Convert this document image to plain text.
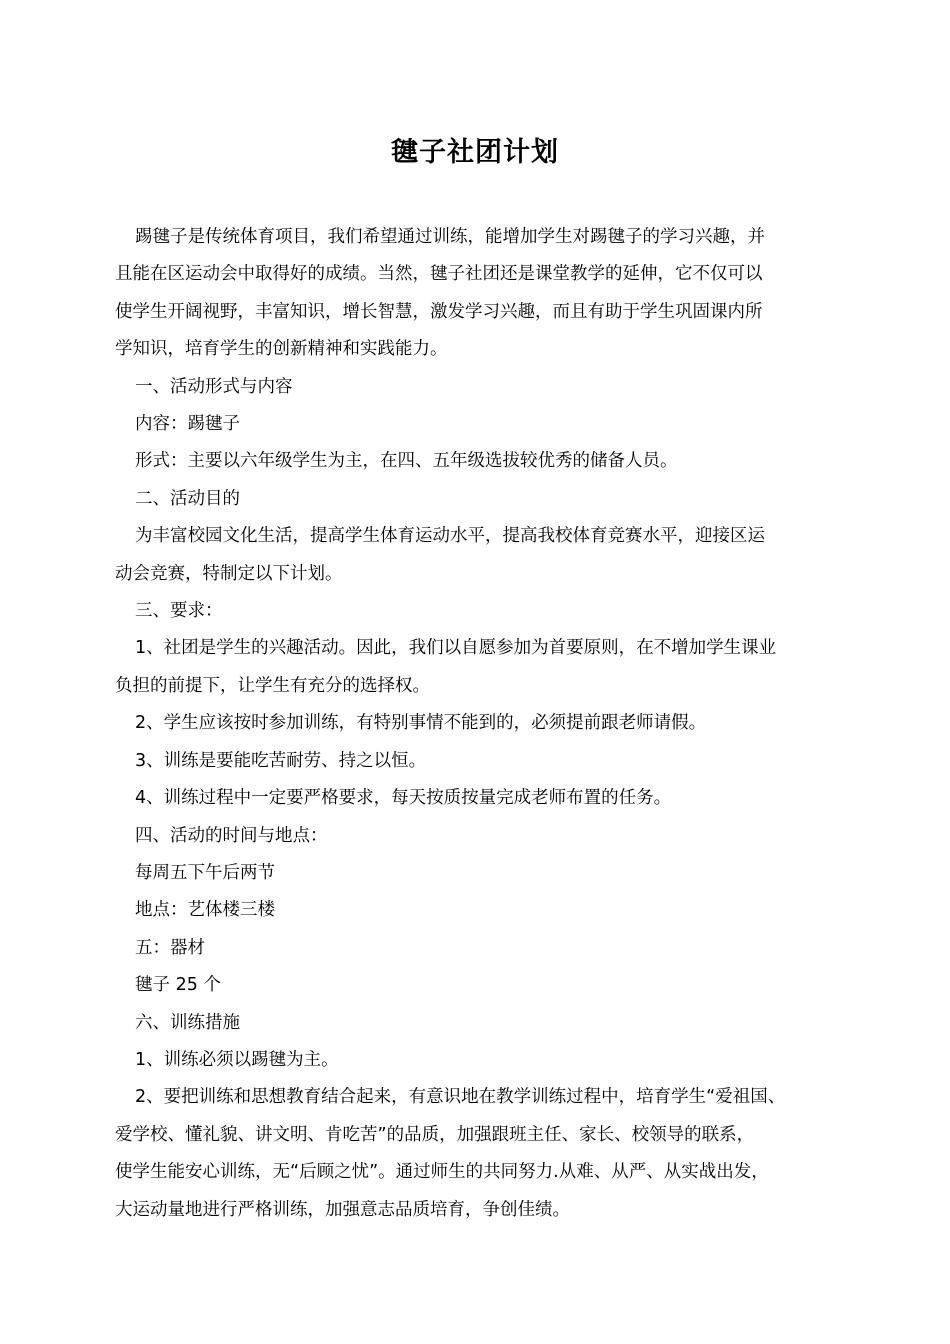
毽子社团计划

踢毽子是传统体育项目，我们希望通过训练，能增加学生对踢毽子的学习兴趣，并

且能在区运动会中取得好的成绩。当然，毽子社团还是课堂教学的延伸，它不仅可以

使学生开阔视野，丰富知识，增长智慧，激发学习兴趣，而且有助于学生巩固课内所

学知识，培育学生的创新精神和实践能力。

一、活动形式与内容

内容：踢毽子

形式：主要以六年级学生为主，在四、五年级选拔较优秀的储备人员。

二、活动目的

为丰富校园文化生活，提高学生体育运动水平，提高我校体育竞赛水平，迎接区运

动会竞赛，特制定以下计划。

三、要求：

1、社团是学生的兴趣活动。因此，我们以自愿参加为首要原则，在不增加学生课业

负担的前提下，让学生有充分的选择权。

2、学生应该按时参加训练，有特别事情不能到的，必须提前跟老师请假。

3、训练是要能吃苦耐劳、持之以恒。

4、训练过程中一定要严格要求，每天按质按量完成老师布置的任务。

四、活动的时间与地点：

每周五下午后两节

地点：艺体楼三楼

五：器材

毽子 25 个

六、训练措施

1、训练必须以踢毽为主。

2、要把训练和思想教育结合起来，有意识地在教学训练过程中，培育学生“爱祖国、

爱学校、懂礼貌、讲文明、肯吃苦”的品质，加强跟班主任、家长、校领导的联系，

使学生能安心训练，无“后顾之忧”。通过师生的共同努力.从难、从严、从实战出发，

大运动量地进行严格训练，加强意志品质培育，争创佳绩。
